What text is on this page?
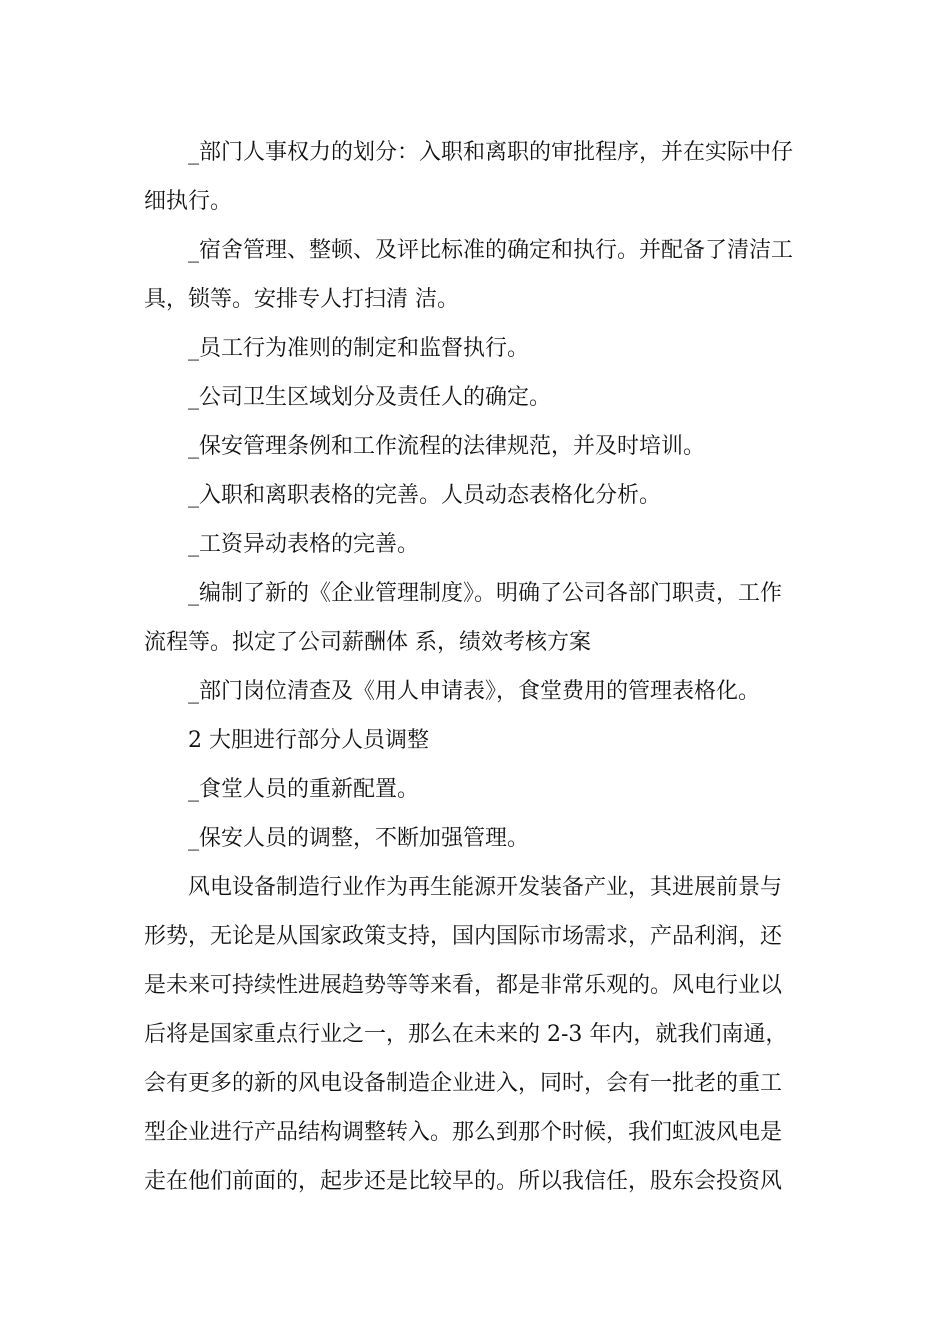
_部门人事权力的划分：入职和离职的审批程序，并在实际中仔
细执行。

_宿舍管理、整顿、及评比标准的确定和执行。并配备了清洁工
具，锁等。安排专人打扫清 洁。

_员工行为准则的制定和监督执行。

_公司卫生区域划分及责任人的确定。

_保安管理条例和工作流程的法律规范，并及时培训。

_入职和离职表格的完善。人员动态表格化分析。

_工资异动表格的完善。

_编制了新的《企业管理制度》。明确了公司各部门职责，工作
流程等。拟定了公司薪酬体 系，绩效考核方案

_部门岗位清查及《用人申请表》，食堂费用的管理表格化。

2 大胆进行部分人员调整

_食堂人员的重新配置。

_保安人员的调整，不断加强管理。

风电设备制造行业作为再生能源开发装备产业，其进展前景与
形势，无论是从国家政策支持，国内国际市场需求，产品利润，还
是未来可持续性进展趋势等等来看，都是非常乐观的。风电行业以
后将是国家重点行业之一，那么在未来的 2-3 年内，就我们南通，
会有更多的新的风电设备制造企业进入，同时，会有一批老的重工
型企业进行产品结构调整转入。那么到那个时候，我们虹波风电是
走在他们前面的，起步还是比较早的。所以我信任，股东会投资风
